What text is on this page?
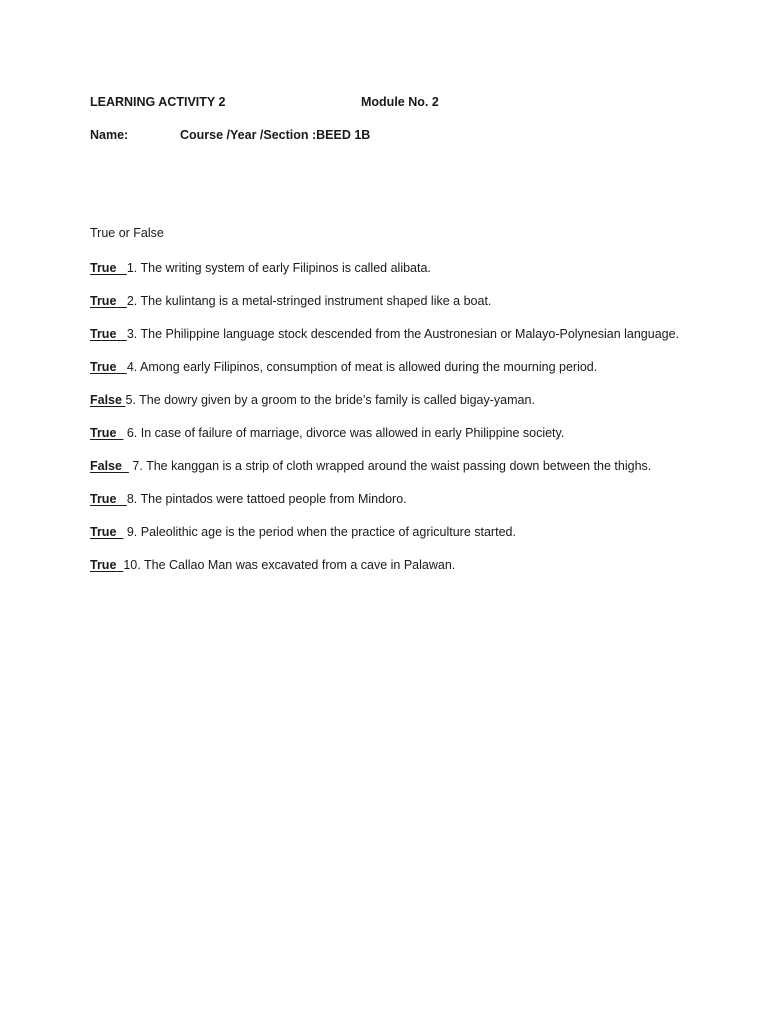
LEARNING ACTIVITY 2	Module No. 2
Name:	Course /Year /Section :BEED 1B
True or False
True 1. The writing system of early Filipinos is called alibata.
True 2. The kulintang is a metal-stringed instrument shaped like a boat.
True 3. The Philippine language stock descended from the Austronesian or Malayo-Polynesian language.
True 4. Among early Filipinos, consumption of meat is allowed during the mourning period.
False 5. The dowry given by a groom to the bride’s family is called bigay-yaman.
True   6. In case of failure of marriage, divorce was allowed in early Philippine society.
False   7. The kanggan is a strip of cloth wrapped around the waist passing down between the thighs.
True 8. The pintados were tattoed people from Mindoro.
True   9. Paleolithic age is the period when the practice of agriculture started.
True 10. The Callao Man was excavated from a cave in Palawan.
